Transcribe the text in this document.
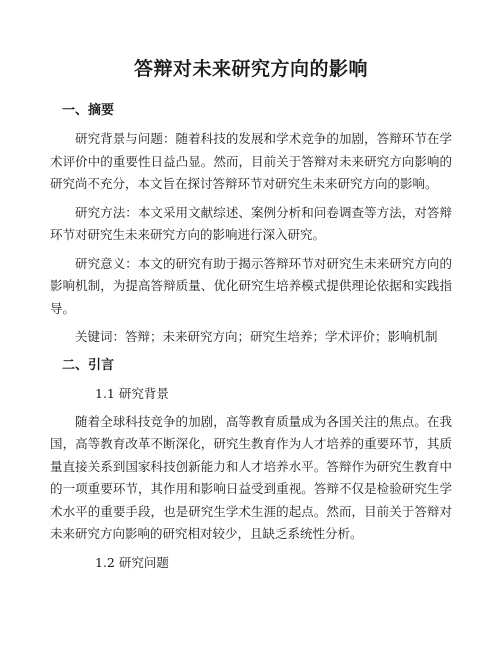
答辩对未来研究方向的影响
一、摘要

研究背景与问题：随着科技的发展和学术竞争的加剧，答辩环节在学术评价中的重要性日益凸显。然而，目前关于答辩对未来研究方向影响的研究尚不充分，本文旨在探讨答辩环节对研究生未来研究方向的影响。

研究方法：本文采用文献综述、案例分析和问卷调查等方法，对答辩环节对研究生未来研究方向的影响进行深入研究。

研究意义：本文的研究有助于揭示答辩环节对研究生未来研究方向的影响机制，为提高答辩质量、优化研究生培养模式提供理论依据和实践指导。

关键词：答辩；未来研究方向；研究生培养；学术评价；影响机制

二、引言
1.1 研究背景

随着全球科技竞争的加剧，高等教育质量成为各国关注的焦点。在我国，高等教育改革不断深化，研究生教育作为人才培养的重要环节，其质量直接关系到国家科技创新能力和人才培养水平。答辩作为研究生教育中的一项重要环节，其作用和影响日益受到重视。答辩不仅是检验研究生学术水平的重要手段，也是研究生学术生涯的起点。然而，目前关于答辩对未来研究方向影响的研究相对较少，且缺乏系统性分析。

1.2 研究问题
